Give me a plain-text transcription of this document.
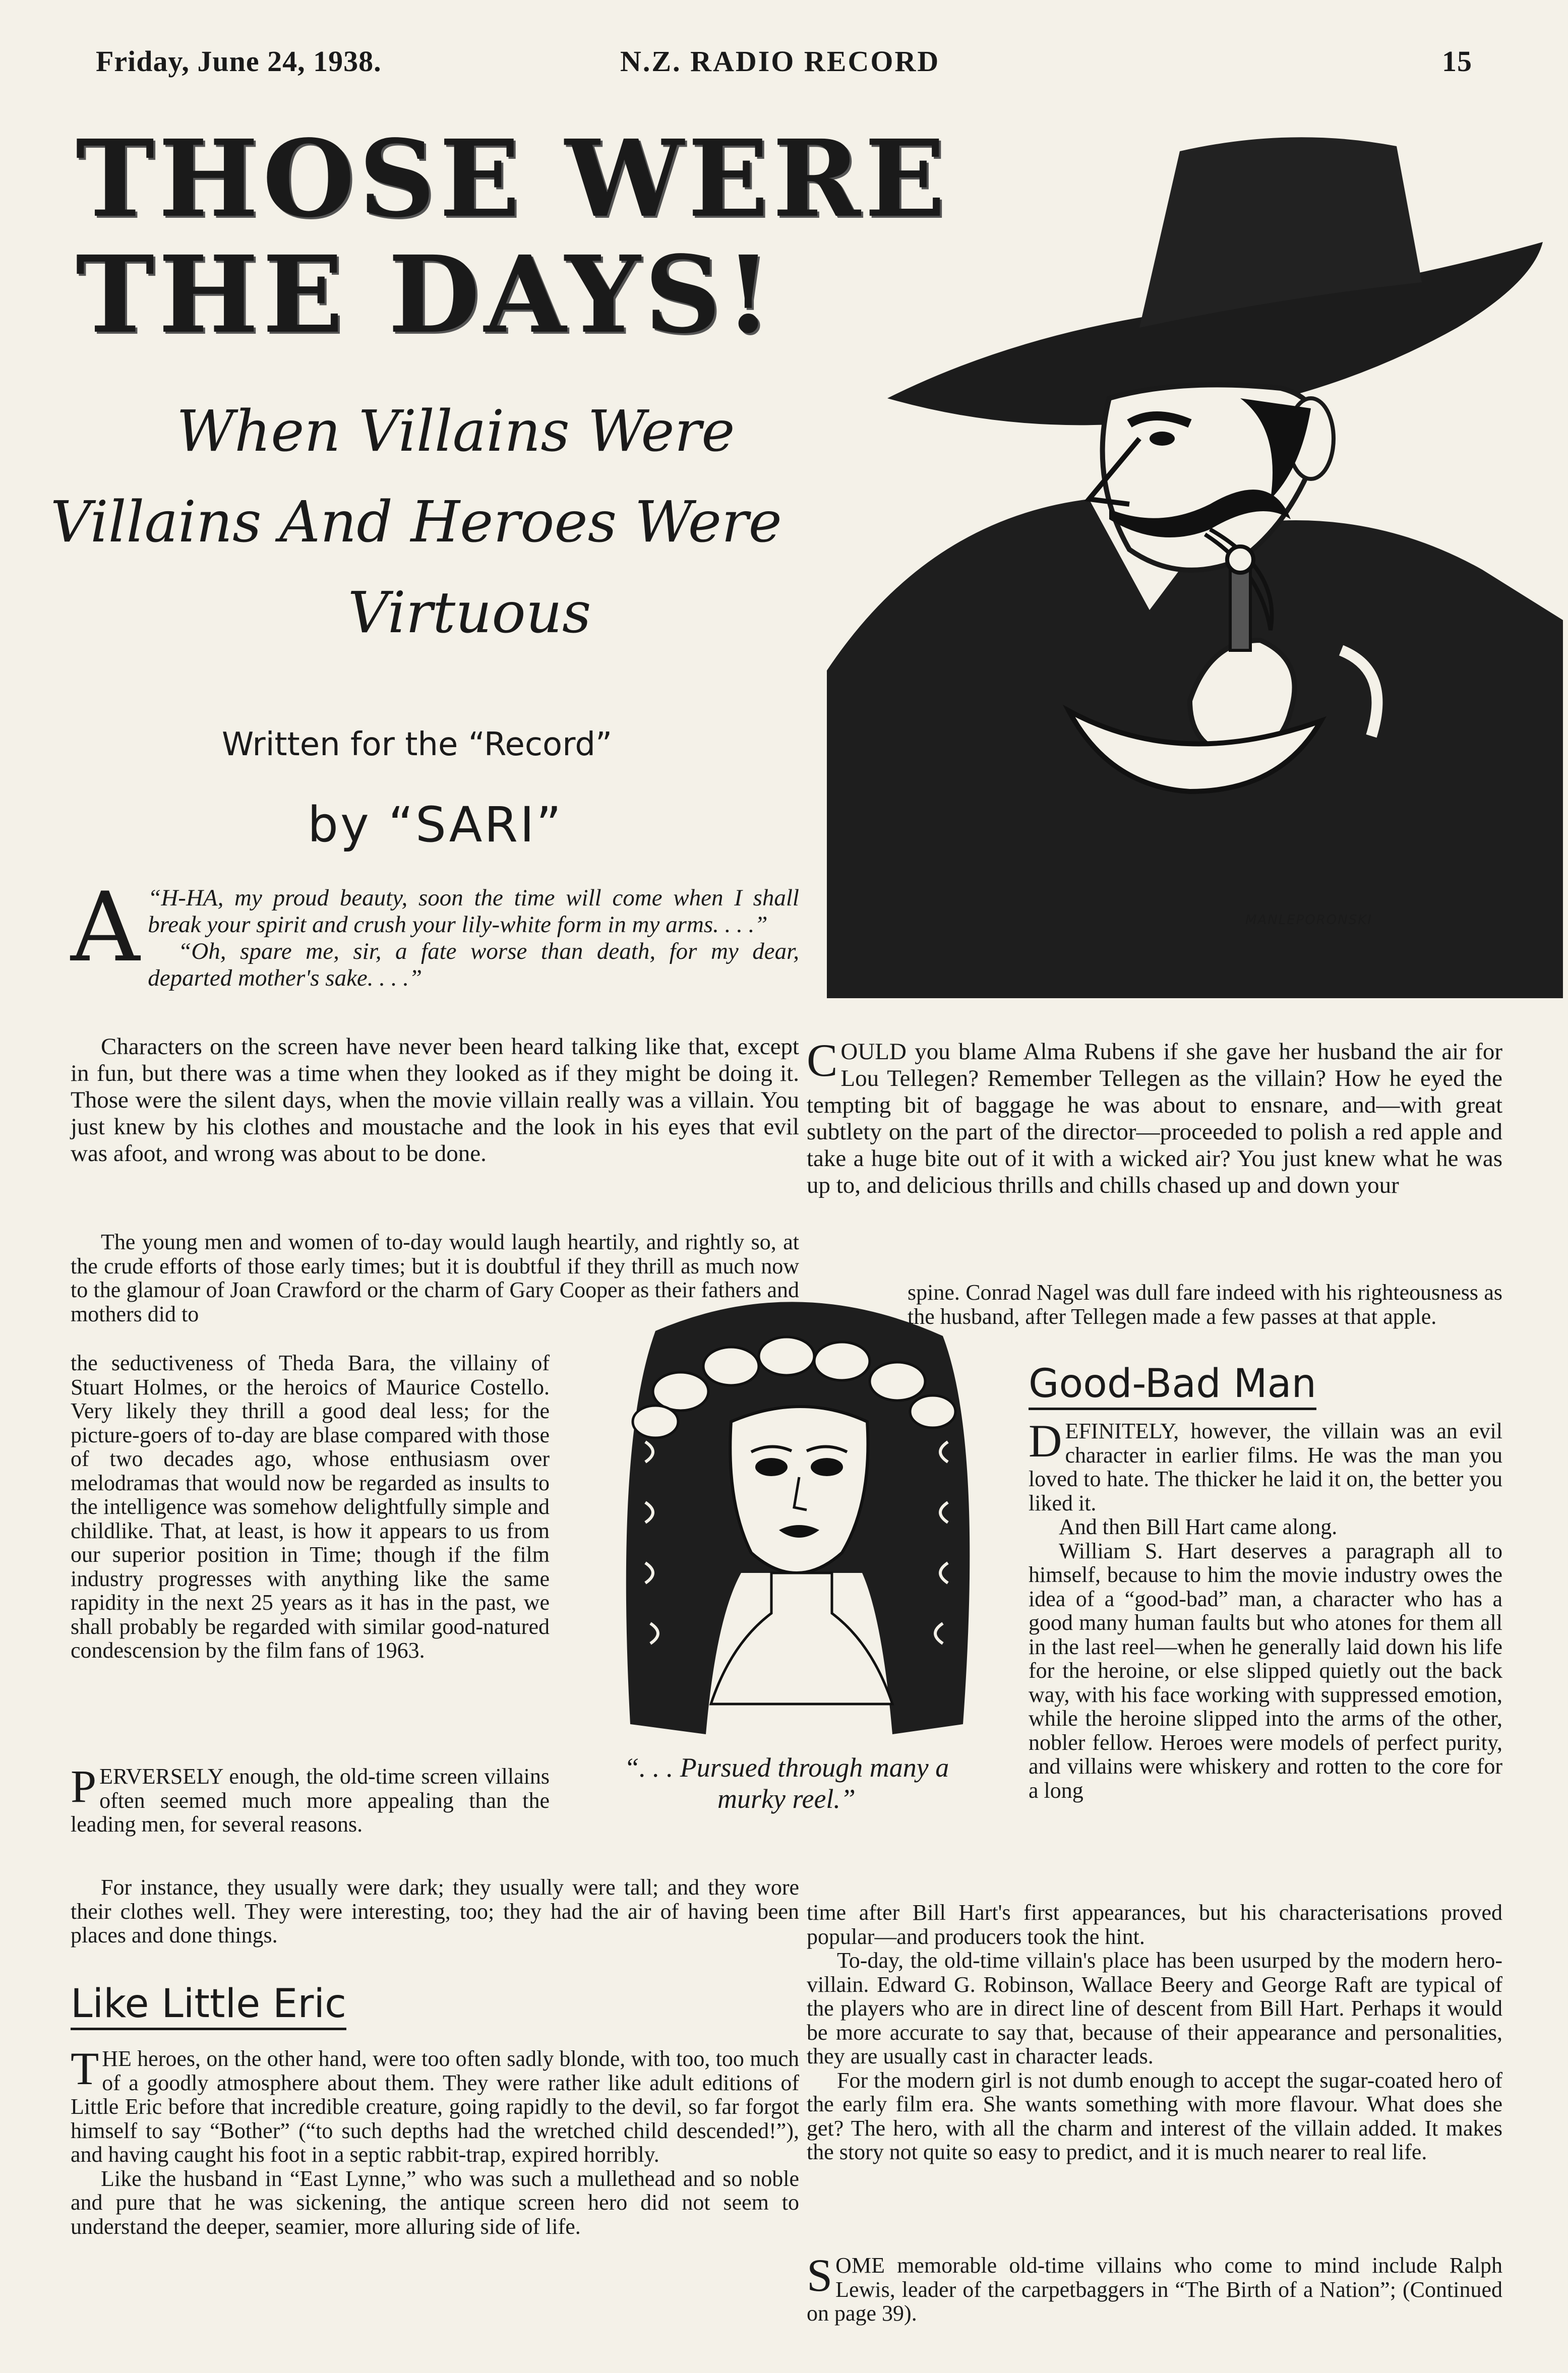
Friday, June 24, 1938.	N.Z. RADIO RECORD	15
THOSE WERE
THE DAYS!
When Villains Were
Villains And Heroes Were
Virtuous
Written for the “Record”
by “SARI”
MANLEPORONSKI

“
A H-HA, my proud beauty, soon the time will come when I shall break your spirit and crush your lily-white form in my arms. . . .”

“Oh, spare me, sir, a fate worse than death, for my dear, departed mother's sake. . . .”

Characters on the screen have never been heard talking like that, except in fun, but there was a time when they looked as if they might be doing it. Those were the silent days, when the movie villain really was a villain. You just knew by his clothes and moustache and the look in his eyes that evil was afoot, and wrong was about to be done.

The young men and women of to-day would laugh heartily, and rightly so, at the crude efforts of those early times; but it is doubtful if they thrill as much now to the glamour of Joan Crawford or the charm of Gary Cooper as their fathers and mothers did to

the seductiveness of Theda Bara, the villainy of Stuart Holmes, or the heroics of Maurice Costello. Very likely they thrill a good deal less; for the picture-goers of to-day are blase compared with those of two decades ago, whose enthusiasm over melodramas that would now be regarded as insults to the intelligence was somehow delightfully simple and childlike. That, at least, is how it appears to us from our superior position in Time; though if the film industry progresses with anything like the same rapidity in the next 25 years as it has in the past, we shall probably be regarded with similar good-natured condescension by the film fans of 1963.

“. . . Pursued through many a
murky reel.”

PERVERSELY enough, the old-time screen villains often seemed much more appealing than the leading men, for several reasons.

For instance, they usually were dark; they usually were tall; and they wore their clothes well. They were interesting, too; they had the air of having been places and done things.

Like Little Eric

THE heroes, on the other hand, were too often sadly blonde, with too, too much of a goodly atmosphere about them. They were rather like adult editions of Little Eric before that incredible creature, going rapidly to the devil, so far forgot himself to say “Bother” (“to such depths had the wretched child descended!”), and having caught his foot in a septic rabbit-trap, expired horribly.

Like the husband in “East Lynne,” who was such a mullethead and so noble and pure that he was sickening, the antique screen hero did not seem to understand the deeper, seamier, more alluring side of life.

COULD you blame Alma Rubens if she gave her husband the air for Lou Tellegen? Remember Tellegen as the villain? How he eyed the tempting bit of baggage he was about to ensnare, and—with great subtlety on the part of the director—proceeded to polish a red apple and take a huge bite out of it with a wicked air? You just knew what he was up to, and delicious thrills and chills chased up and down your

spine. Conrad Nagel was dull fare indeed with his righteousness as the husband, after Tellegen made a few passes at that apple.

Good-Bad Man

DEFINITELY, however, the villain was an evil character in earlier films. He was the man you loved to hate. The thicker he laid it on, the better you liked it.

And then Bill Hart came along.

William S. Hart deserves a paragraph all to himself, because to him the movie industry owes the idea of a “good-bad” man, a character who has a good many human faults but who atones for them all in the last reel—when he generally laid down his life for the heroine, or else slipped quietly out the back way, with his face working with suppressed emotion, while the heroine slipped into the arms of the other, nobler fellow. Heroes were models of perfect purity, and villains were whiskery and rotten to the core for a long

time after Bill Hart's first appearances, but his characterisations proved popular—and producers took the hint.

To-day, the old-time villain's place has been usurped by the modern hero-villain. Edward G. Robinson, Wallace Beery and George Raft are typical of the players who are in direct line of descent from Bill Hart. Perhaps it would be more accurate to say that, because of their appearance and personalities, they are usually cast in character leads.

For the modern girl is not dumb enough to accept the sugar-coated hero of the early film era. She wants something with more flavour. What does she get? The hero, with all the charm and interest of the villain added. It makes the story not quite so easy to predict, and it is much nearer to real life.

SOME memorable old-time villains who come to mind include Ralph Lewis, leader of the carpetbaggers in “The Birth of a Nation”; (Continued on page 39).
